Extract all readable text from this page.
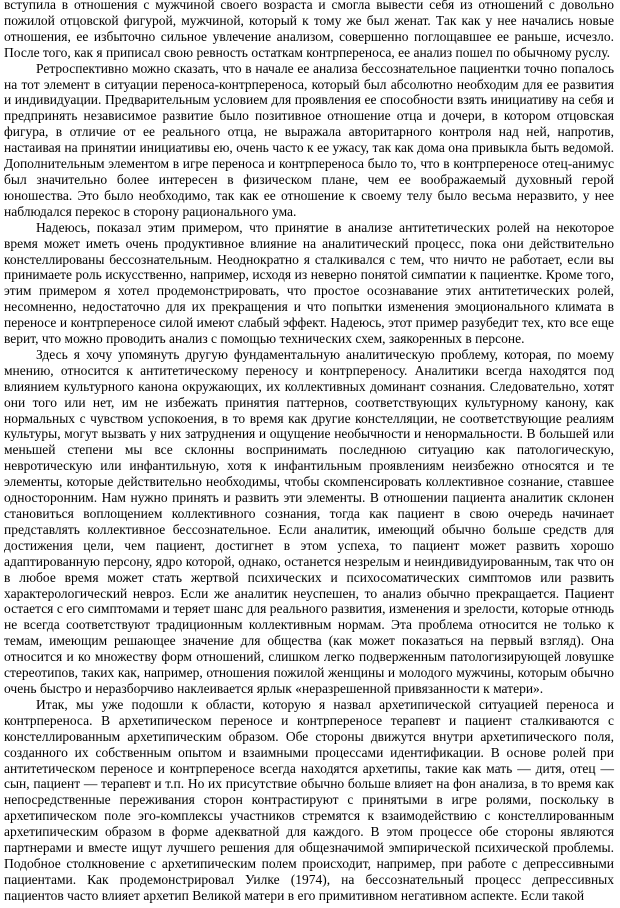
вступила в отношения с мужчиной своего возраста и смогла вывести себя из отношений с довольно пожилой отцовской фигурой, мужчиной, который к тому же был женат. Так как у нее начались новые отношения, ее избыточно сильное увлечение анализом, совершенно поглощавшее ее раньше, исчезло. После того, как я приписал свою ревность остаткам контрпереноса, ее анализ пошел по обычному руслу.

Ретроспективно можно сказать, что в начале ее анализа бессознательное пациентки точно попалось на тот элемент в ситуации переноса-контрпереноса, который был абсолютно необходим для ее развития и индивидуации. Предварительным условием для проявления ее способности взять инициативу на себя и предпринять независимое развитие было позитивное отношение отца и дочери, в котором отцовская фигура, в отличие от ее реального отца, не выражала авторитарного контроля над ней, напротив, настаивая на принятии инициативы ею, очень часто к ее ужасу, так как дома она привыкла быть ведомой. Дополнительным элементом в игре переноса и контрпереноса было то, что в контрпереносе отец-анимус был значительно более интересен в физическом плане, чем ее воображаемый духовный герой юношества. Это было необходимо, так как ее отношение к своему телу было весьма неразвито, у нее наблюдался перекос в сторону рационального ума.

Надеюсь, показал этим примером, что принятие в анализе антитетических ролей на некоторое время может иметь очень продуктивное влияние на аналитический процесс, пока они действительно констеллированы бессознательным. Неоднократно я сталкивался с тем, что ничто не работает, если вы принимаете роль искусственно, например, исходя из неверно понятой симпатии к пациентке. Кроме того, этим примером я хотел продемонстрировать, что простое осознавание этих антитетических ролей, несомненно, недостаточно для их прекращения и что попытки изменения эмоционального климата в переносе и контрпереносе силой имеют слабый эффект. Надеюсь, этот пример разубедит тех, кто все еще верит, что можно проводить анализ с помощью технических схем, заякоренных в персоне.

Здесь я хочу упомянуть другую фундаментальную аналитическую проблему, которая, по моему мнению, относится к антитетическому переносу и контрпереносу. Аналитики всегда находятся под влиянием культурного канона окружающих, их коллективных доминант сознания. Следовательно, хотят они того или нет, им не избежать принятия паттернов, соответствующих культурному канону, как нормальных с чувством успокоения, в то время как другие констелляции, не соответствующие реалиям культуры, могут вызвать у них затруднения и ощущение необычности и ненормальности. В большей или меньшей степени мы все склонны воспринимать последнюю ситуацию как патологическую, невротическую или инфантильную, хотя к инфантильным проявлениям неизбежно относятся и те элементы, которые действительно необходимы, чтобы скомпенсировать коллективное сознание, ставшее односторонним. Нам нужно принять и развить эти элементы. В отношении пациента аналитик склонен становиться воплощением коллективного сознания, тогда как пациент в свою очередь начинает представлять коллективное бессознательное. Если аналитик, имеющий обычно больше средств для достижения цели, чем пациент, достигнет в этом успеха, то пациент может развить хорошо адаптированную персону, ядро которой, однако, останется незрелым и неиндивидуированным, так что он в любое время может стать жертвой психических и психосоматических симптомов или развить характерологический невроз. Если же аналитик неуспешен, то анализ обычно прекращается. Пациент остается с его симптомами и теряет шанс для реального развития, изменения и зрелости, которые отнюдь не всегда соответствуют традиционным коллективным нормам. Эта проблема относится не только к темам, имеющим решающее значение для общества (как может показаться на первый взгляд). Она относится и ко множеству форм отношений, слишком легко подверженным патологизирующей ловушке стереотипов, таких как, например, отношения пожилой женщины и молодого мужчины, которым обычно очень быстро и неразборчиво наклеивается ярлык «неразрешенной привязанности к матери».

Итак, мы уже подошли к области, которую я назвал архетипической ситуацией переноса и контрпереноса. В архетипическом переносе и контрпереносе терапевт и пациент сталкиваются с констеллированным архетипическим образом. Обе стороны движутся внутри архетипического поля, созданного их собственным опытом и взаимными процессами идентификации. В основе ролей при антитетическом переносе и контрпереносе всегда находятся архетипы, такие как мать — дитя, отец — сын, пациент — терапевт и т.п. Но их присутствие обычно больше влияет на фон анализа, в то время как непосредственные переживания сторон контрастируют с принятыми в игре ролями, поскольку в архетипическом поле эго-комплексы участников стремятся к взаимодействию с констеллированным архетипическим образом в форме адекватной для каждого. В этом процессе обе стороны являются партнерами и вместе ищут лучшего решения для общезначимой эмпирической психической проблемы. Подобное столкновение с архетипическим полем происходит, например, при работе с депрессивными пациентами. Как продемонстрировал Уилке (1974), на бессознательный процесс депрессивных пациентов часто влияет архетип Великой матери в его примитивном негативном аспекте. Если такой
